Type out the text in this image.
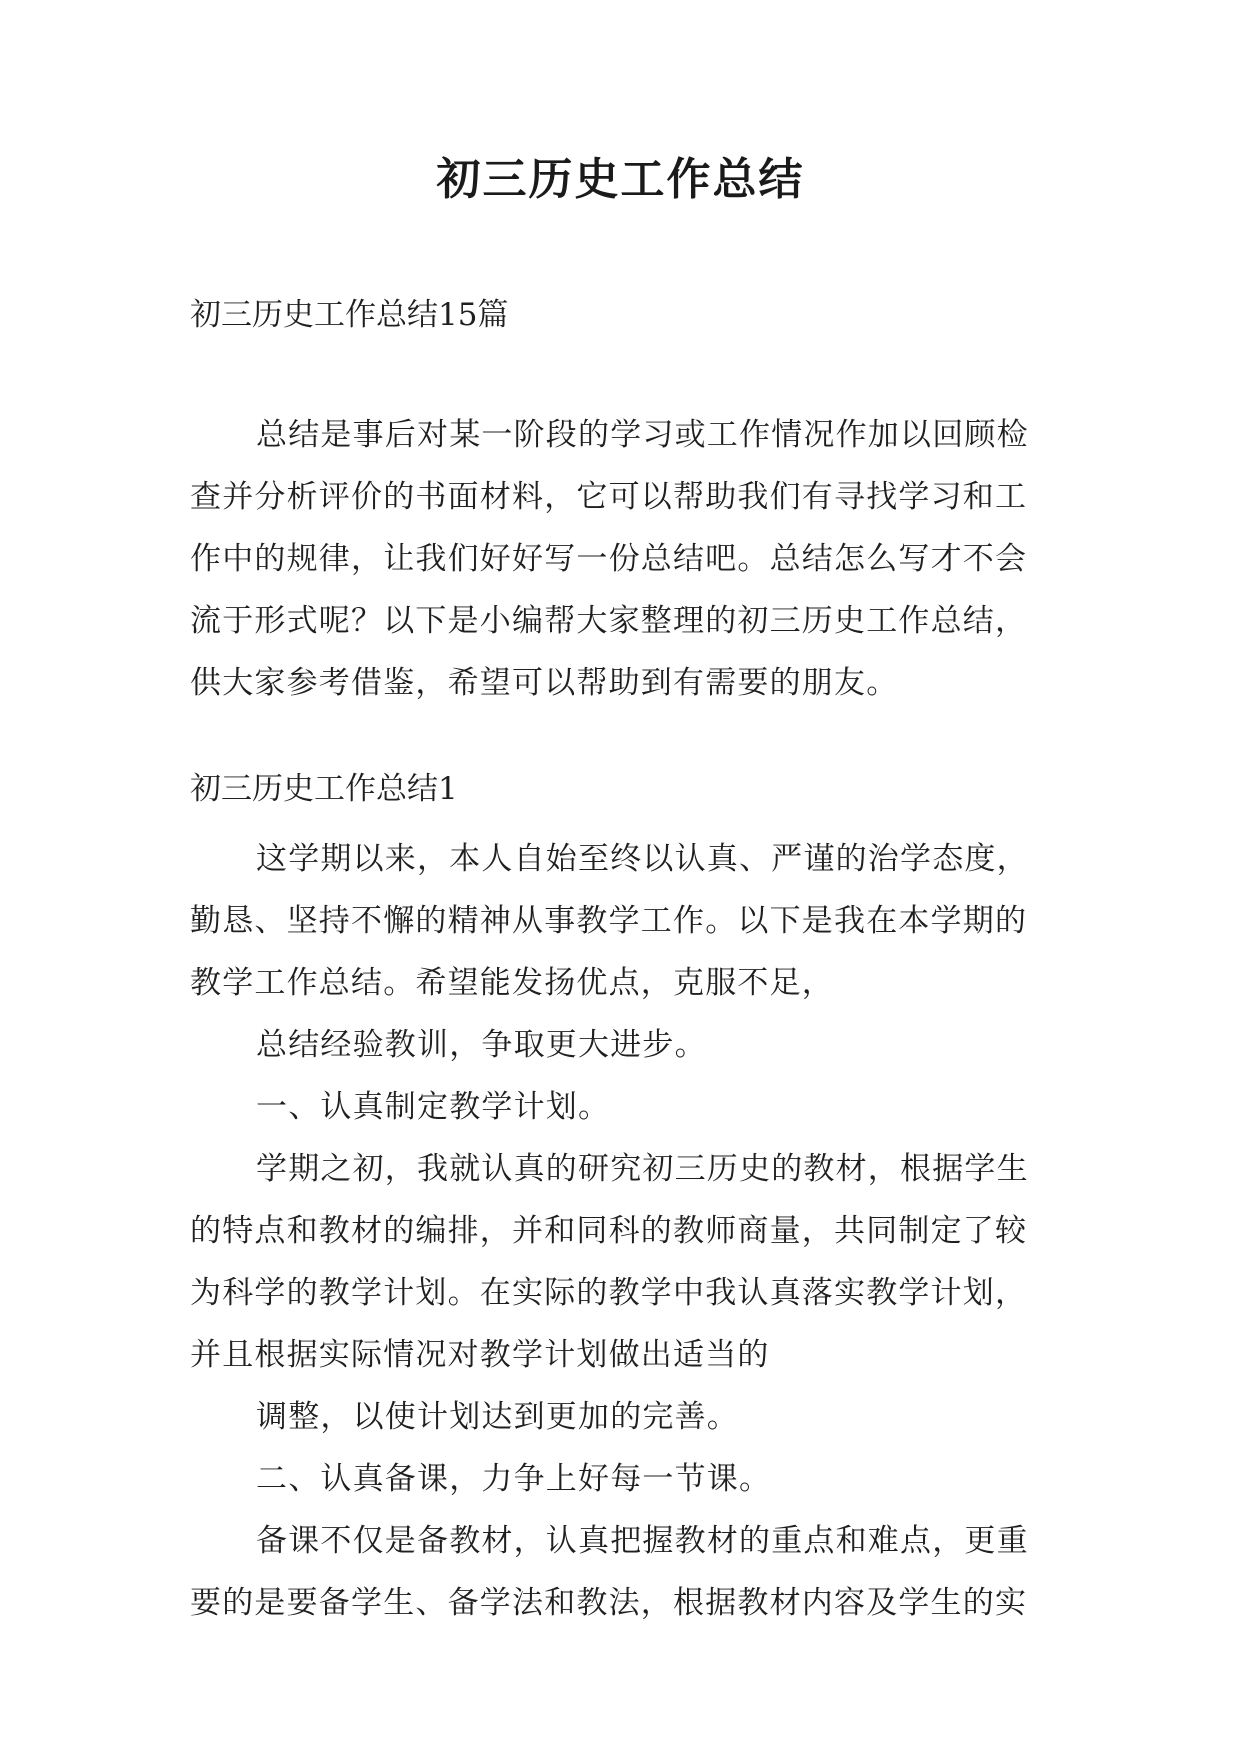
初三历史工作总结

初三历史工作总结15篇

总结是事后对某一阶段的学习或工作情况作加以回顾检查并分析评价的书面材料，它可以帮助我们有寻找学习和工作中的规律，让我们好好写一份总结吧。总结怎么写才不会流于形式呢？以下是小编帮大家整理的初三历史工作总结，供大家参考借鉴，希望可以帮助到有需要的朋友。

初三历史工作总结1

这学期以来，本人自始至终以认真、严谨的治学态度，勤恳、坚持不懈的精神从事教学工作。以下是我在本学期的教学工作总结。希望能发扬优点，克服不足，

总结经验教训，争取更大进步。

一、认真制定教学计划。

学期之初，我就认真的研究初三历史的教材，根据学生的特点和教材的编排，并和同科的教师商量，共同制定了较为科学的教学计划。在实际的教学中我认真落实教学计划，并且根据实际情况对教学计划做出适当的

调整，以使计划达到更加的完善。

二、认真备课，力争上好每一节课。

备课不仅是备教材，认真把握教材的重点和难点，更重要的是要备学生、备学法和教法，根据教材内容及学生的实
